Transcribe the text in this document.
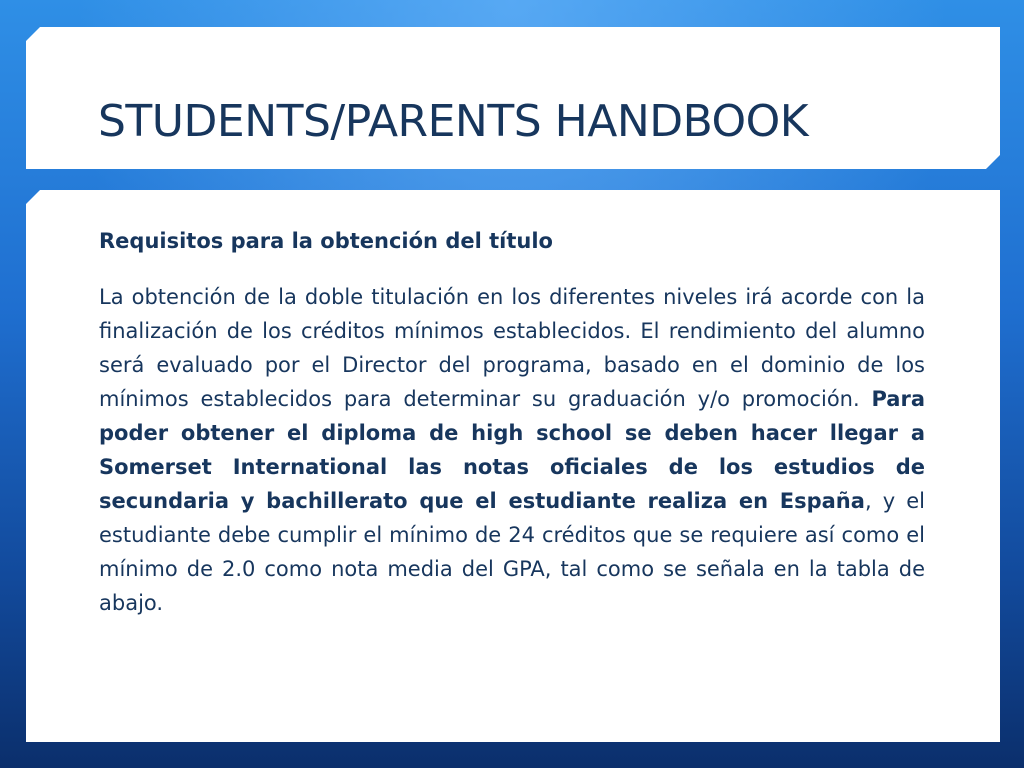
STUDENTS/PARENTS HANDBOOK
Requisitos para la obtención del título

La obtención de la doble titulación en los diferentes niveles irá acorde con la finalización de los créditos mínimos establecidos. El rendimiento del alumno será evaluado por el Director del programa, basado en el dominio de los mínimos establecidos para determinar su graduación y/o promoción. Para poder obtener el diploma de high school se deben hacer llegar a Somerset International las notas oficiales de los estudios de secundaria y bachillerato que el estudiante realiza en España, y el estudiante debe cumplir el mínimo de 24 créditos que se requiere así como el mínimo de 2.0 como nota media del GPA, tal como se señala en la tabla de abajo.
